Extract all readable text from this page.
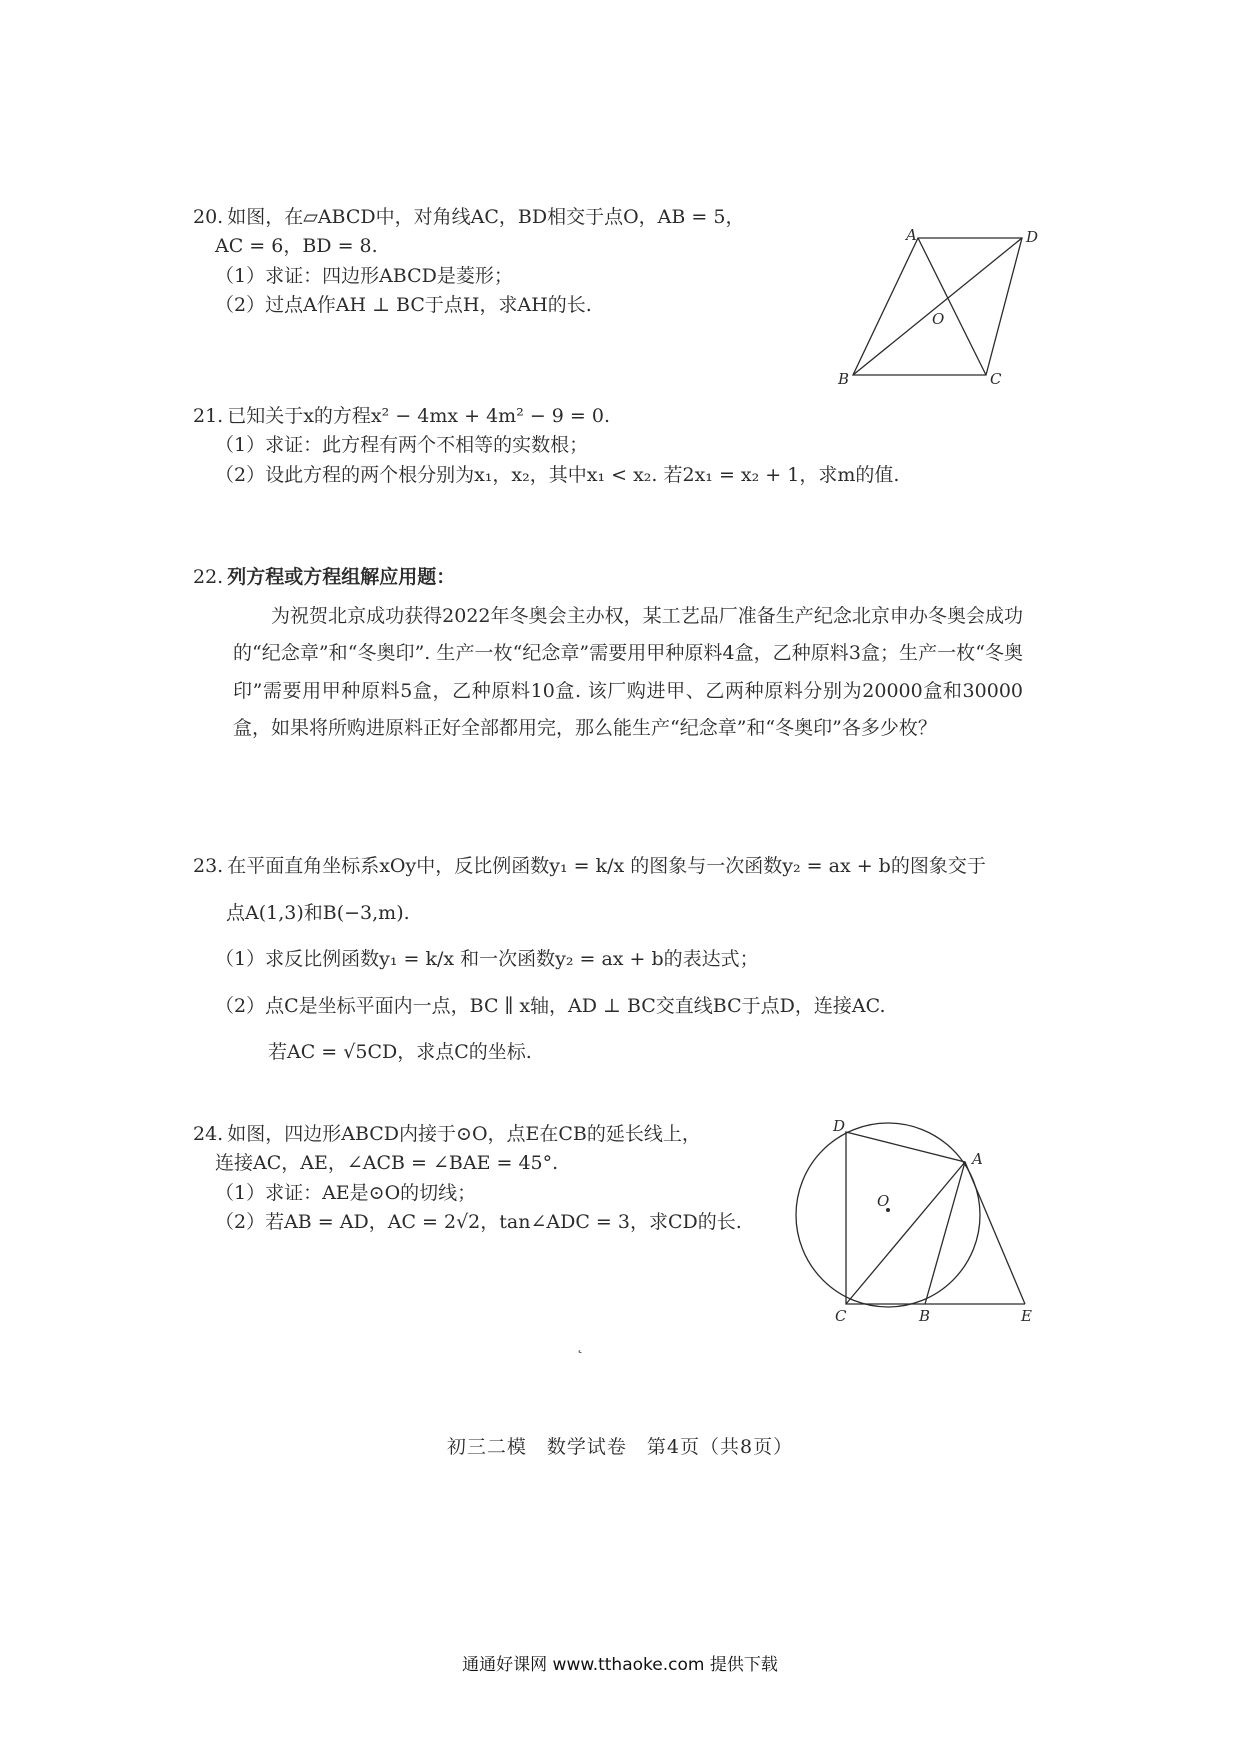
20. 如图，在▱ABCD中，对角线AC，BD相交于点O，AB = 5，
AC = 6，BD = 8.
（1）求证：四边形ABCD是菱形；
（2）过点A作AH ⊥ BC于点H，求AH的长.
A	D
B	C
O
21. 已知关于x的方程x² − 4mx + 4m² − 9 = 0.
（1）求证：此方程有两个不相等的实数根；
（2）设此方程的两个根分别为x₁，x₂，其中x₁ < x₂. 若2x₁ = x₂ + 1，求m的值.
22. 列方程或方程组解应用题：
为祝贺北京成功获得2022年冬奥会主办权，某工艺品厂准备生产纪念北京申办冬奥会成功的“纪念章”和“冬奥印”. 生产一枚“纪念章”需要用甲种原料4盒，乙种原料3盒；生产一枚“冬奥印”需要用甲种原料5盒，乙种原料10盒. 该厂购进甲、乙两种原料分别为20000盒和30000盒，如果将所购进原料正好全部都用完，那么能生产“纪念章”和“冬奥印”各多少枚？
23. 在平面直角坐标系xOy中，反比例函数y₁ = k/x 的图象与一次函数y₂ = ax + b的图象交于
点A(1,3)和B(−3,m).
（1）求反比例函数y₁ = k/x 和一次函数y₂ = ax + b的表达式；
（2）点C是坐标平面内一点，BC ∥ x轴，AD ⊥ BC交直线BC于点D，连接AC.
若AC = √5CD，求点C的坐标.
24. 如图，四边形ABCD内接于⊙O，点E在CB的延长线上，
连接AC，AE，∠ACB = ∠BAE = 45°.
（1）求证：AE是⊙O的切线；
（2）若AB = AD，AC = 2√2，tan∠ADC = 3，求CD的长.
D
A
O
C	B	E
˛
初三二模　数学试卷　第4页（共8页）
通通好课网 www.tthaoke.com 提供下载
